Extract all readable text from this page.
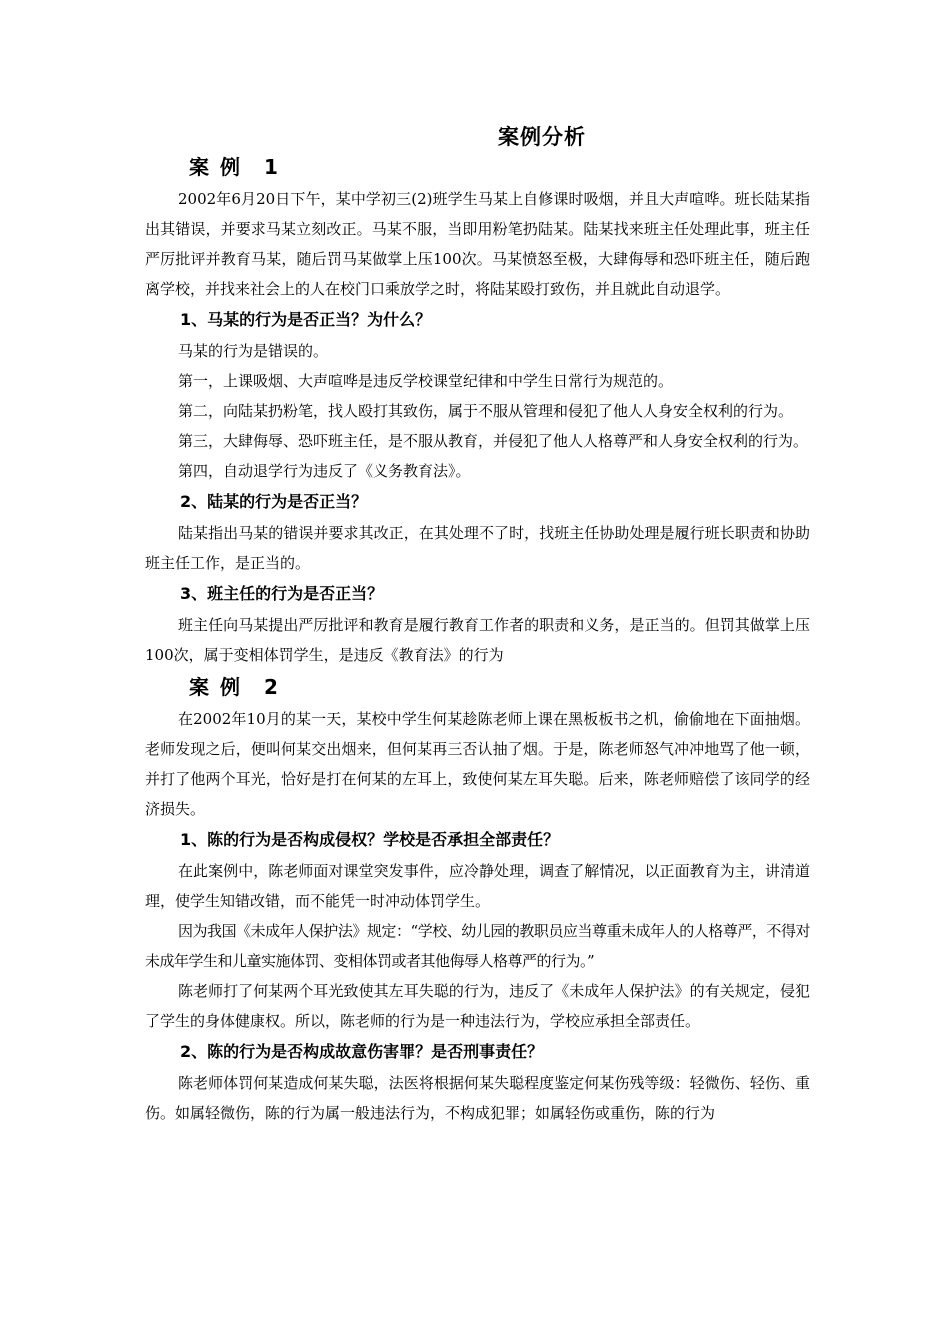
案例分析
案 例 1

2002年6月20日下午，某中学初三(2)班学生马某上自修课时吸烟，并且大声喧哗。班长陆某指出其错误，并要求马某立刻改正。马某不服，当即用粉笔扔陆某。陆某找来班主任处理此事，班主任严厉批评并教育马某，随后罚马某做掌上压100次。马某愤怒至极，大肆侮辱和恐吓班主任，随后跑离学校，并找来社会上的人在校门口乘放学之时，将陆某殴打致伤，并且就此自动退学。

1、马某的行为是否正当？为什么？

马某的行为是错误的。

第一，上课吸烟、大声喧哗是违反学校课堂纪律和中学生日常行为规范的。

第二，向陆某扔粉笔，找人殴打其致伤，属于不服从管理和侵犯了他人人身安全权利的行为。

第三，大肆侮辱、恐吓班主任，是不服从教育，并侵犯了他人人格尊严和人身安全权利的行为。

第四，自动退学行为违反了《义务教育法》。

2、陆某的行为是否正当？

陆某指出马某的错误并要求其改正，在其处理不了时，找班主任协助处理是履行班长职责和协助班主任工作，是正当的。

3、班主任的行为是否正当？

班主任向马某提出严厉批评和教育是履行教育工作者的职责和义务，是正当的。但罚其做掌上压100次，属于变相体罚学生，是违反《教育法》的行为

案 例 2

在2002年10月的某一天，某校中学生何某趁陈老师上课在黑板板书之机，偷偷地在下面抽烟。老师发现之后，便叫何某交出烟来，但何某再三否认抽了烟。于是，陈老师怒气冲冲地骂了他一顿，并打了他两个耳光，恰好是打在何某的左耳上，致使何某左耳失聪。后来，陈老师赔偿了该同学的经济损失。

1、陈的行为是否构成侵权？学校是否承担全部责任？

在此案例中，陈老师面对课堂突发事件，应冷静处理，调查了解情况，以正面教育为主，讲清道理，使学生知错改错，而不能凭一时冲动体罚学生。

因为我国《未成年人保护法》规定：“学校、幼儿园的教职员应当尊重未成年人的人格尊严，不得对未成年学生和儿童实施体罚、变相体罚或者其他侮辱人格尊严的行为。”

陈老师打了何某两个耳光致使其左耳失聪的行为，违反了《未成年人保护法》的有关规定，侵犯了学生的身体健康权。所以，陈老师的行为是一种违法行为，学校应承担全部责任。

2、陈的行为是否构成故意伤害罪？是否刑事责任？

陈老师体罚何某造成何某失聪，法医将根据何某失聪程度鉴定何某伤残等级：轻微伤、轻伤、重伤。如属轻微伤，陈的行为属一般违法行为，不构成犯罪；如属轻伤或重伤，陈的行为
